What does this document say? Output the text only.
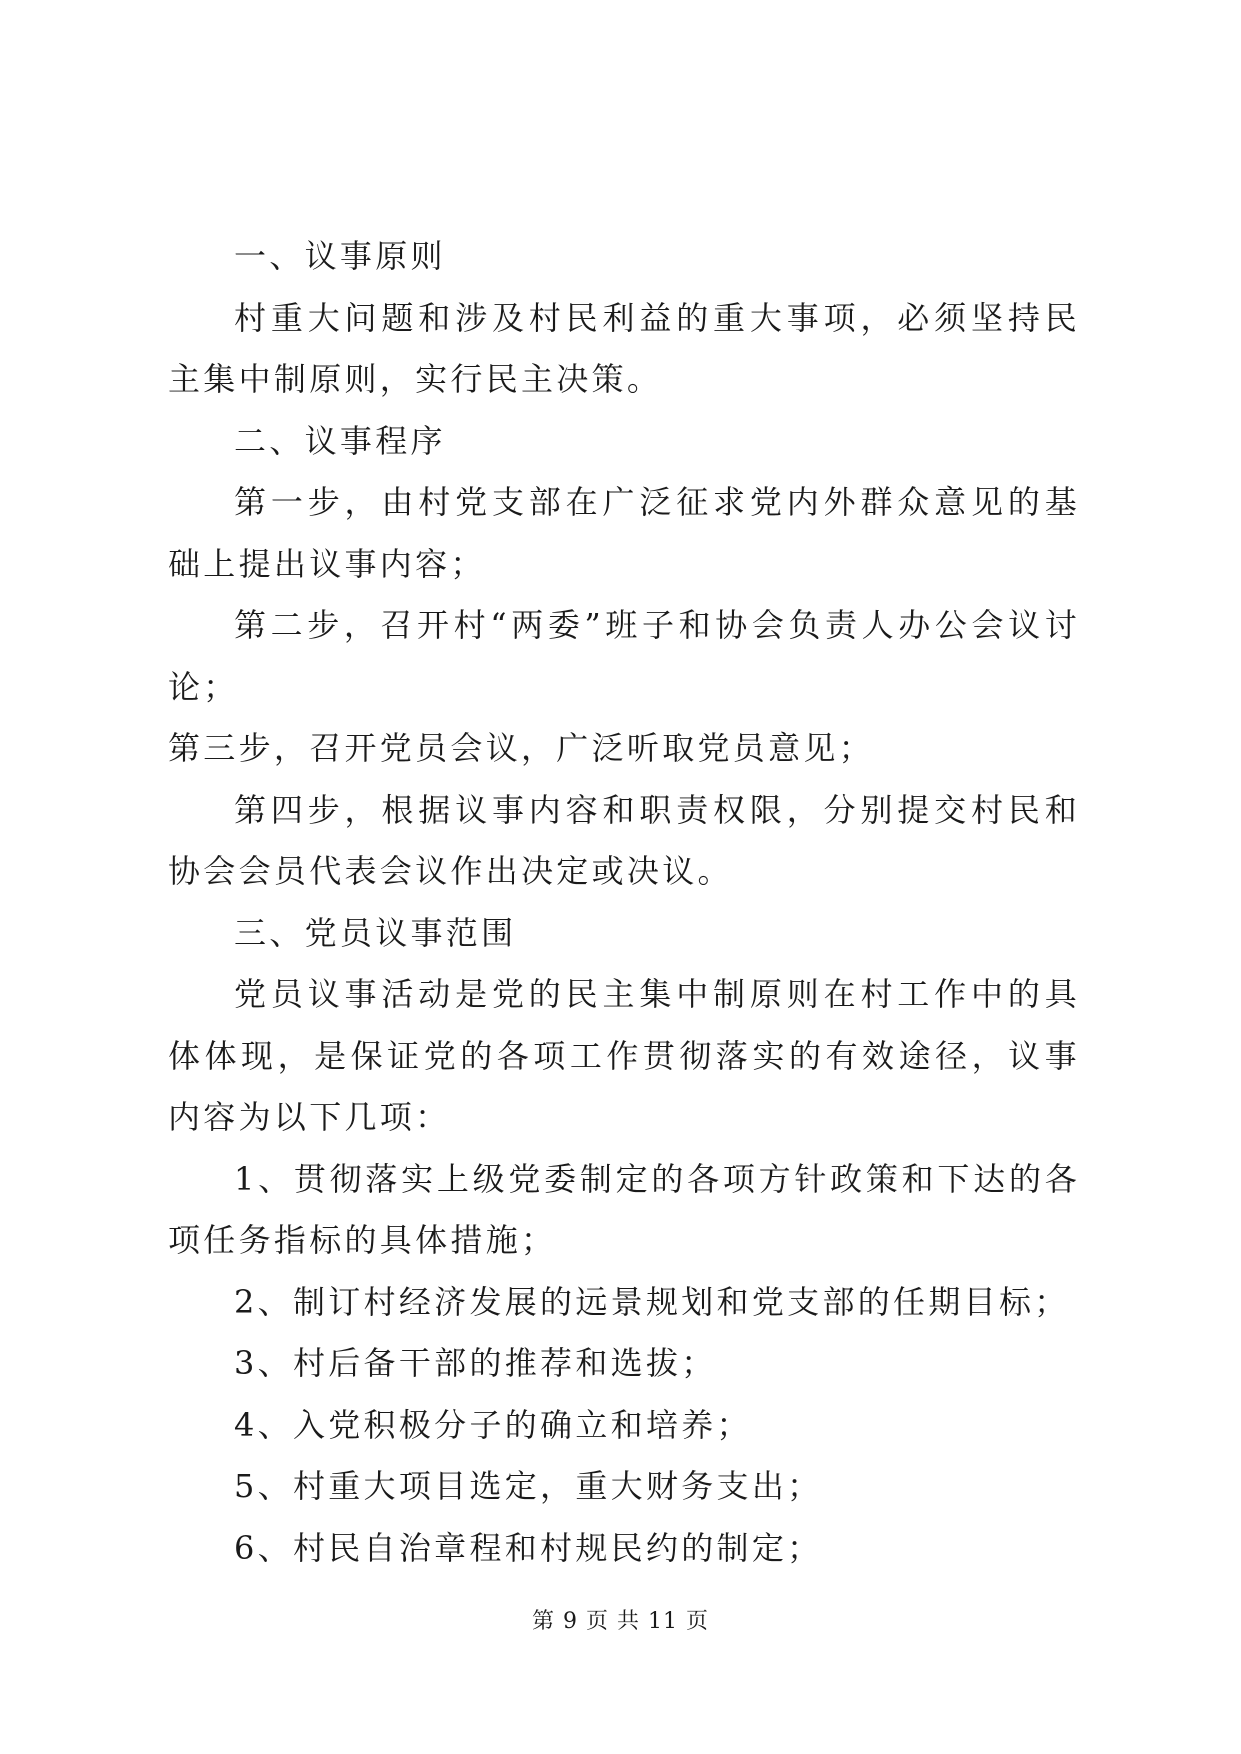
一、议事原则

村重大问题和涉及村民利益的重大事项，必须坚持民主集中制原则，实行民主决策。

二、议事程序

第一步，由村党支部在广泛征求党内外群众意见的基础上提出议事内容；

第二步，召开村“两委”班子和协会负责人办公会议讨论；

第三步，召开党员会议，广泛听取党员意见；

第四步，根据议事内容和职责权限，分别提交村民和协会会员代表会议作出决定或决议。

三、党员议事范围

党员议事活动是党的民主集中制原则在村工作中的具体体现，是保证党的各项工作贯彻落实的有效途径，议事内容为以下几项：

1、贯彻落实上级党委制定的各项方针政策和下达的各项任务指标的具体措施；

2、制订村经济发展的远景规划和党支部的任期目标；

3、村后备干部的推荐和选拔；

4、入党积极分子的确立和培养；

5、村重大项目选定，重大财务支出；

6、村民自治章程和村规民约的制定；

第 9 页 共 11 页
